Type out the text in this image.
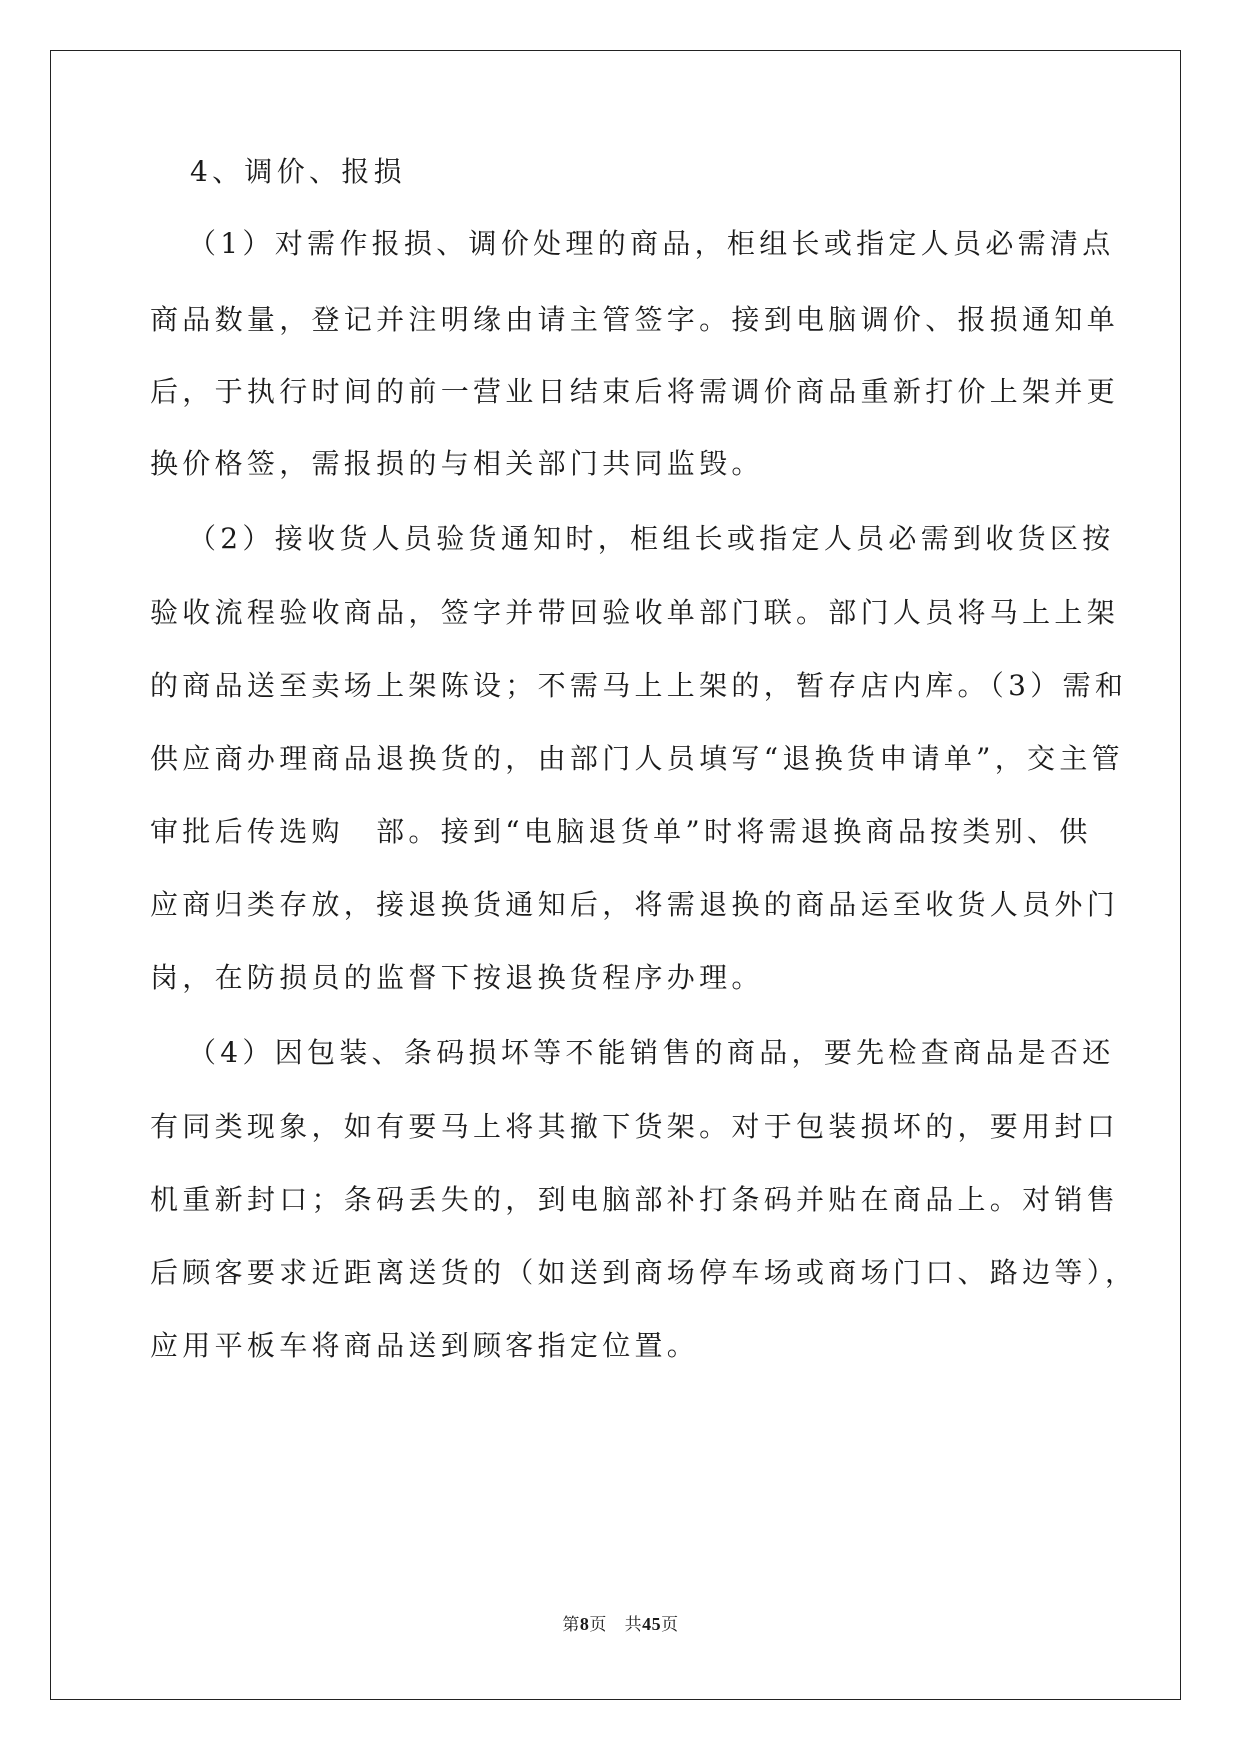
4、调价、报损
（1）对需作报损、调价处理的商品，柜组长或指定人员必需清点
商品数量，登记并注明缘由请主管签字。接到电脑调价、报损通知单
后，于执行时间的前一营业日结束后将需调价商品重新打价上架并更
换价格签，需报损的与相关部门共同监毁。
（2）接收货人员验货通知时，柜组长或指定人员必需到收货区按
验收流程验收商品，签字并带回验收单部门联。部门人员将马上上架
的商品送至卖场上架陈设；不需马上上架的，暂存店内库。（3）需和
供应商办理商品退换货的，由部门人员填写“退换货申请单”，交主管
审批后传选购　部。接到“电脑退货单”时将需退换商品按类别、供
应商归类存放，接退换货通知后，将需退换的商品运至收货人员外门
岗，在防损员的监督下按退换货程序办理。
（4）因包装、条码损坏等不能销售的商品，要先检查商品是否还
有同类现象，如有要马上将其撤下货架。对于包装损坏的，要用封口
机重新封口；条码丢失的，到电脑部补打条码并贴在商品上。对销售
后顾客要求近距离送货的（如送到商场停车场或商场门口、路边等），
应用平板车将商品送到顾客指定位置。
第8页 共45页
